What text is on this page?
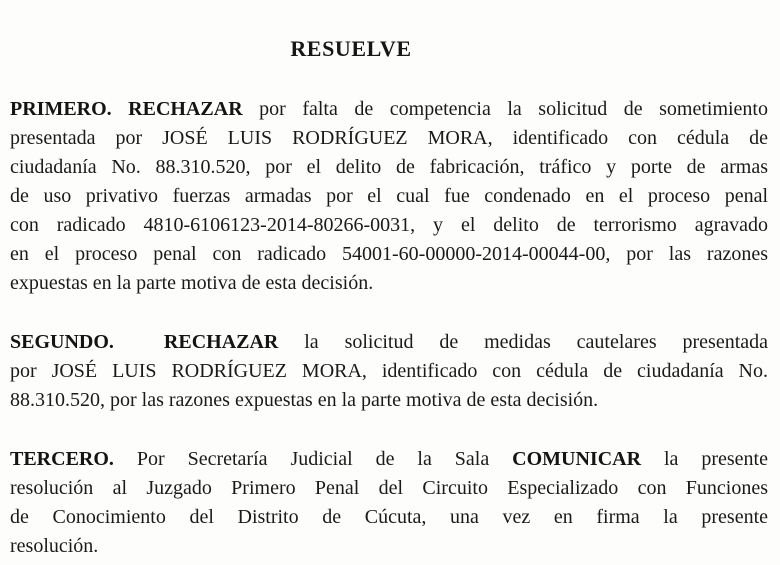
RESUELVE
PRIMERO. RECHAZAR por falta de competencia la solicitud de sometimiento
presentada por JOSÉ LUIS RODRÍGUEZ MORA, identificado con cédula de
ciudadanía No. 88.310.520, por el delito de fabricación, tráfico y porte de armas
de uso privativo fuerzas armadas por el cual fue condenado en el proceso penal
con radicado 4810-6106123-2014-80266-0031, y el delito de terrorismo agravado
en el proceso penal con radicado 54001-60-00000-2014-00044-00, por las razones
expuestas en la parte motiva de esta decisión.
SEGUNDO.	RECHAZAR la solicitud de medidas cautelares presentada
por JOSÉ LUIS RODRÍGUEZ MORA, identificado con cédula de ciudadanía No.
88.310.520, por las razones expuestas en la parte motiva de esta decisión.
TERCERO. Por Secretaría Judicial de la Sala COMUNICAR la presente
resolución al Juzgado Primero Penal del Circuito Especializado con Funciones
de Conocimiento del Distrito de Cúcuta, una vez en firma la presente
resolución.
